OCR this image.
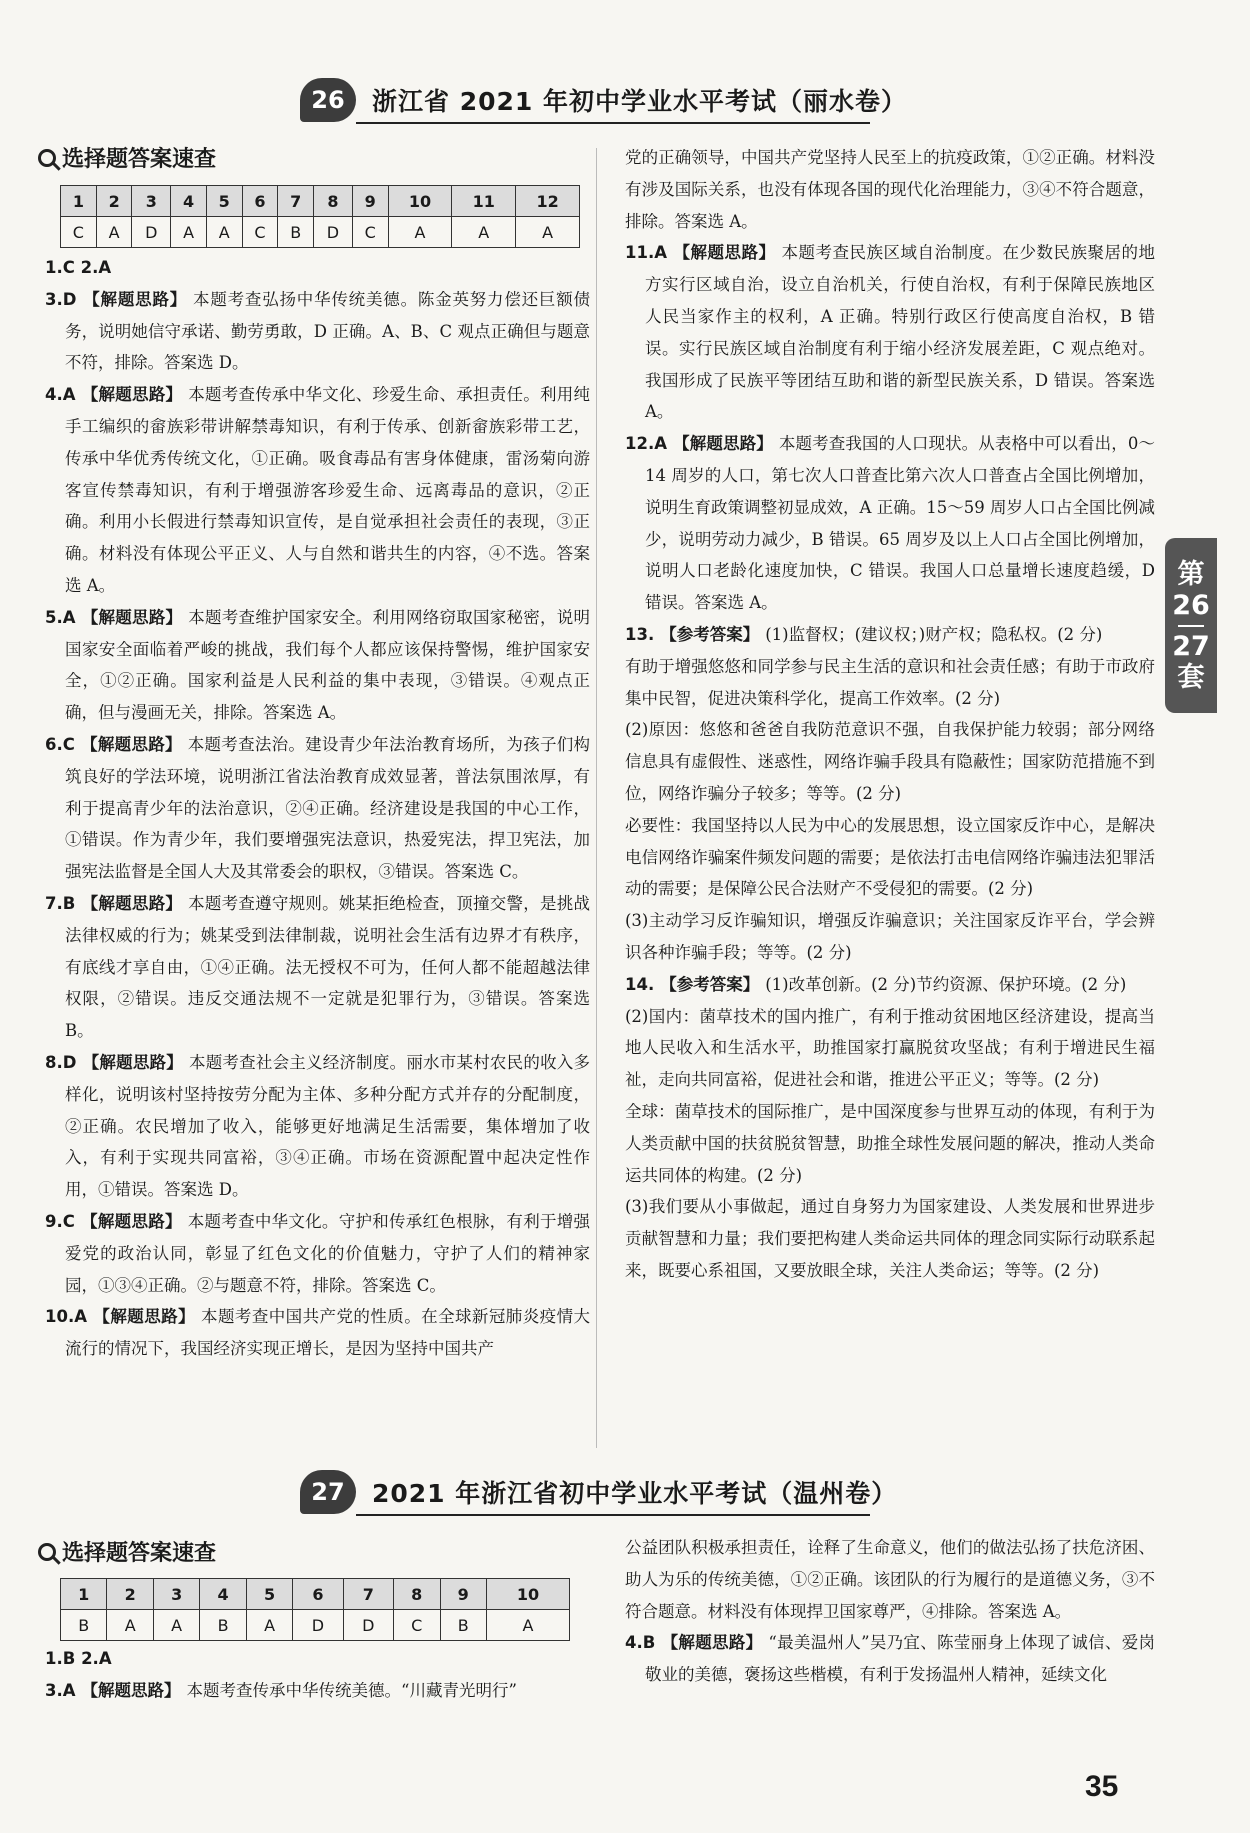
26	浙江省 2021 年初中学业水平考试（丽水卷）
选择题答案速查
1	2	3	4	5	6	7	8	9	10	11	12
C	A	D	A	A	C	B	D	C	A	A	A

1.C 2.A

3.D 【解题思路】 本题考查弘扬中华传统美德。陈金英努力偿还巨额债务，说明她信守承诺、勤劳勇敢，D 正确。A、B、C 观点正确但与题意不符，排除。答案选 D。

4.A 【解题思路】 本题考查传承中华文化、珍爱生命、承担责任。利用纯手工编织的畲族彩带讲解禁毒知识，有利于传承、创新畲族彩带工艺，传承中华优秀传统文化，①正确。吸食毒品有害身体健康，雷汤菊向游客宣传禁毒知识，有利于增强游客珍爱生命、远离毒品的意识，②正确。利用小长假进行禁毒知识宣传，是自觉承担社会责任的表现，③正确。材料没有体现公平正义、人与自然和谐共生的内容，④不选。答案选 A。

5.A 【解题思路】 本题考查维护国家安全。利用网络窃取国家秘密，说明国家安全面临着严峻的挑战，我们每个人都应该保持警惕，维护国家安全，①②正确。国家利益是人民利益的集中表现，③错误。④观点正确，但与漫画无关，排除。答案选 A。

6.C 【解题思路】 本题考查法治。建设青少年法治教育场所，为孩子们构筑良好的学法环境，说明浙江省法治教育成效显著，普法氛围浓厚，有利于提高青少年的法治意识，②④正确。经济建设是我国的中心工作，①错误。作为青少年，我们要增强宪法意识，热爱宪法，捍卫宪法，加强宪法监督是全国人大及其常委会的职权，③错误。答案选 C。

7.B 【解题思路】 本题考查遵守规则。姚某拒绝检查，顶撞交警，是挑战法律权威的行为；姚某受到法律制裁，说明社会生活有边界才有秩序，有底线才享自由，①④正确。法无授权不可为，任何人都不能超越法律权限，②错误。违反交通法规不一定就是犯罪行为，③错误。答案选 B。

8.D 【解题思路】 本题考查社会主义经济制度。丽水市某村农民的收入多样化，说明该村坚持按劳分配为主体、多种分配方式并存的分配制度，②正确。农民增加了收入，能够更好地满足生活需要，集体增加了收入，有利于实现共同富裕，③④正确。市场在资源配置中起决定性作用，①错误。答案选 D。

9.C 【解题思路】 本题考查中华文化。守护和传承红色根脉，有利于增强爱党的政治认同，彰显了红色文化的价值魅力，守护了人们的精神家园，①③④正确。②与题意不符，排除。答案选 C。

10.A 【解题思路】 本题考查中国共产党的性质。在全球新冠肺炎疫情大流行的情况下，我国经济实现正增长，是因为坚持中国共产

党的正确领导，中国共产党坚持人民至上的抗疫政策，①②正确。材料没有涉及国际关系，也没有体现各国的现代化治理能力，③④不符合题意，排除。答案选 A。

11.A 【解题思路】 本题考查民族区域自治制度。在少数民族聚居的地方实行区域自治，设立自治机关，行使自治权，有利于保障民族地区人民当家作主的权利，A 正确。特别行政区行使高度自治权，B 错误。实行民族区域自治制度有利于缩小经济发展差距，C 观点绝对。我国形成了民族平等团结互助和谐的新型民族关系，D 错误。答案选 A。

12.A 【解题思路】 本题考查我国的人口现状。从表格中可以看出，0～14 周岁的人口，第七次人口普查比第六次人口普查占全国比例增加，说明生育政策调整初显成效，A 正确。15～59 周岁人口占全国比例减少，说明劳动力减少，B 错误。65 周岁及以上人口占全国比例增加，说明人口老龄化速度加快，C 错误。我国人口总量增长速度趋缓，D 错误。答案选 A。

13. 【参考答案】 (1)监督权；(建议权；)财产权；隐私权。(2 分)

有助于增强悠悠和同学参与民主生活的意识和社会责任感；有助于市政府集中民智，促进决策科学化，提高工作效率。(2 分)

(2)原因：悠悠和爸爸自我防范意识不强，自我保护能力较弱；部分网络信息具有虚假性、迷惑性，网络诈骗手段具有隐蔽性；国家防范措施不到位，网络诈骗分子较多；等等。(2 分)

必要性：我国坚持以人民为中心的发展思想，设立国家反诈中心，是解决电信网络诈骗案件频发问题的需要；是依法打击电信网络诈骗违法犯罪活动的需要；是保障公民合法财产不受侵犯的需要。(2 分)

(3)主动学习反诈骗知识，增强反诈骗意识；关注国家反诈平台，学会辨识各种诈骗手段；等等。(2 分)

14. 【参考答案】 (1)改革创新。(2 分)节约资源、保护环境。(2 分)

(2)国内：菌草技术的国内推广，有利于推动贫困地区经济建设，提高当地人民收入和生活水平，助推国家打赢脱贫攻坚战；有利于增进民生福祉，走向共同富裕，促进社会和谐，推进公平正义；等等。(2 分)

全球：菌草技术的国际推广，是中国深度参与世界互动的体现，有利于为人类贡献中国的扶贫脱贫智慧，助推全球性发展问题的解决，推动人类命运共同体的构建。(2 分)

(3)我们要从小事做起，通过自身努力为国家建设、人类发展和世界进步贡献智慧和力量；我们要把构建人类命运共同体的理念同实际行动联系起来，既要心系祖国，又要放眼全球，关注人类命运；等等。(2 分)

27	2021 年浙江省初中学业水平考试（温州卷）
选择题答案速查
1	2	3	4	5	6	7	8	9	10
B	A	A	B	A	D	D	C	B	A

1.B 2.A

3.A 【解题思路】 本题考查传承中华传统美德。“川藏青光明行”

公益团队积极承担责任，诠释了生命意义，他们的做法弘扬了扶危济困、助人为乐的传统美德，①②正确。该团队的行为履行的是道德义务，③不符合题意。材料没有体现捍卫国家尊严，④排除。答案选 A。

4.B 【解题思路】 “最美温州人”吴乃宜、陈莹丽身上体现了诚信、爱岗敬业的美德，褒扬这些楷模，有利于发扬温州人精神，延续文化

第
26
27
套
35
